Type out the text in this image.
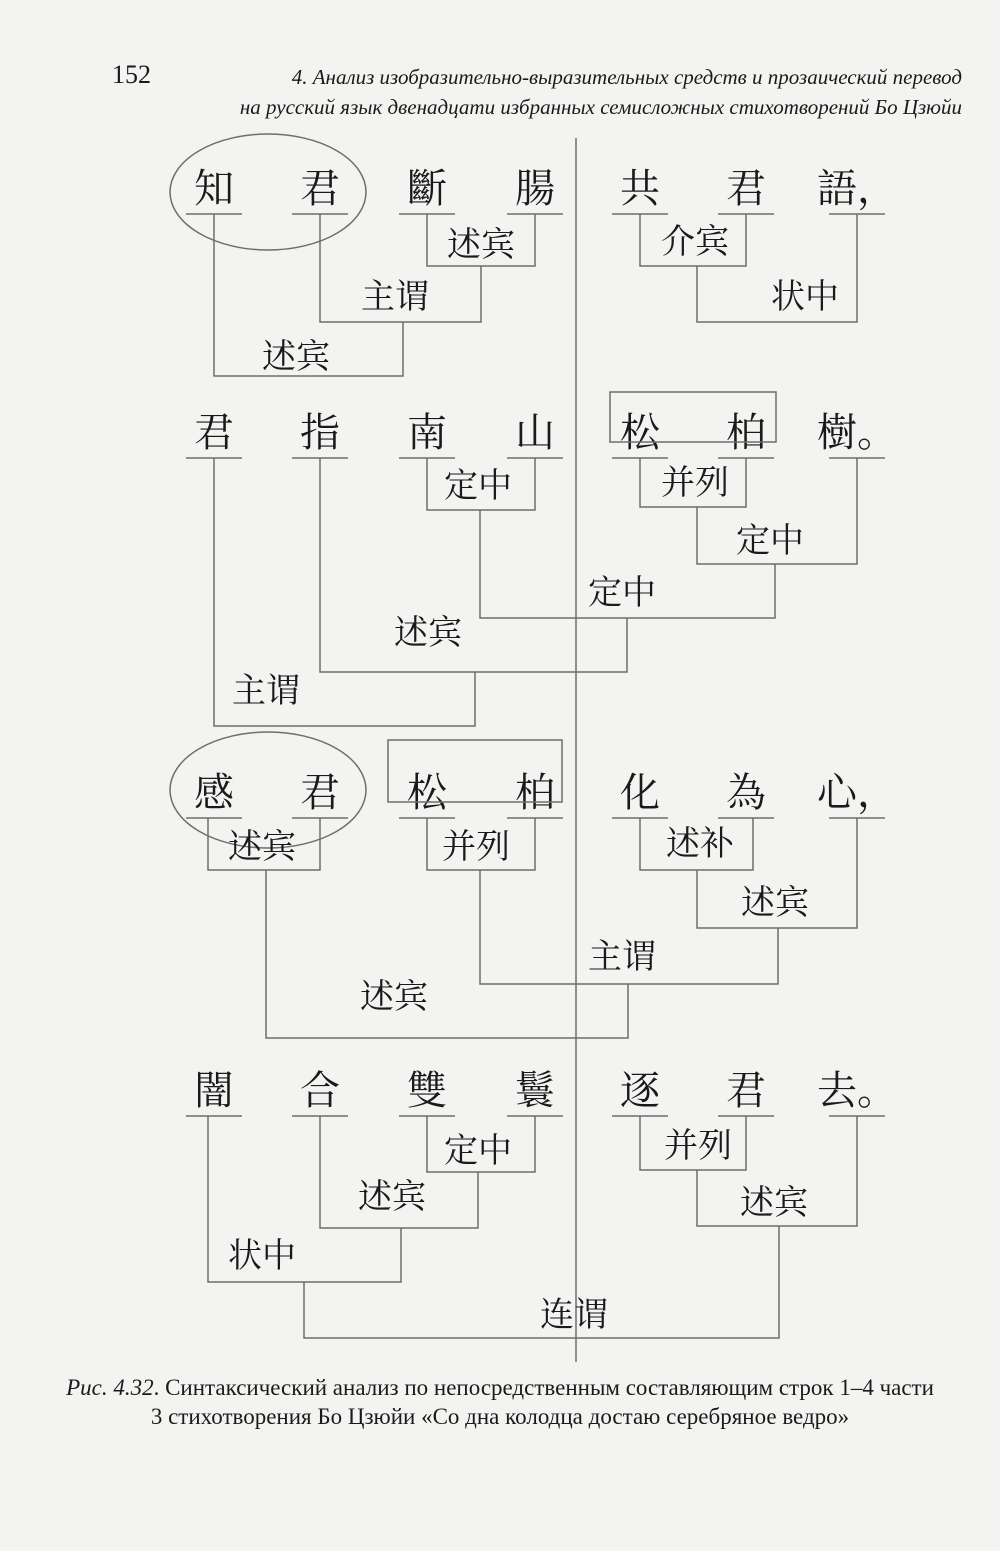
152	4. Анализ изобразительно-выразительных средств и прозаический перевод
на русский язык двенадцати избранных семисложных стихотворений Бо Цзюйи
知 君 斷 腸 共 君 語，
君 指 南 山 松 柏 樹。
感 君 松 柏 化 為 心，
闇 合 雙 鬟 逐 君 去。
述宾
主谓
述宾
介宾
状中
定中	并列
定中
定中
述宾
主谓
述宾	并列	述补
述宾
主谓
述宾
定中
述宾
并列
述宾
状中
连谓
Рис. 4.32. Синтаксический анализ по непосредственным составляющим строк 1–4 части 3 стихотворения Бо Цзюйи «Со дна колодца достаю серебряное ведро»
